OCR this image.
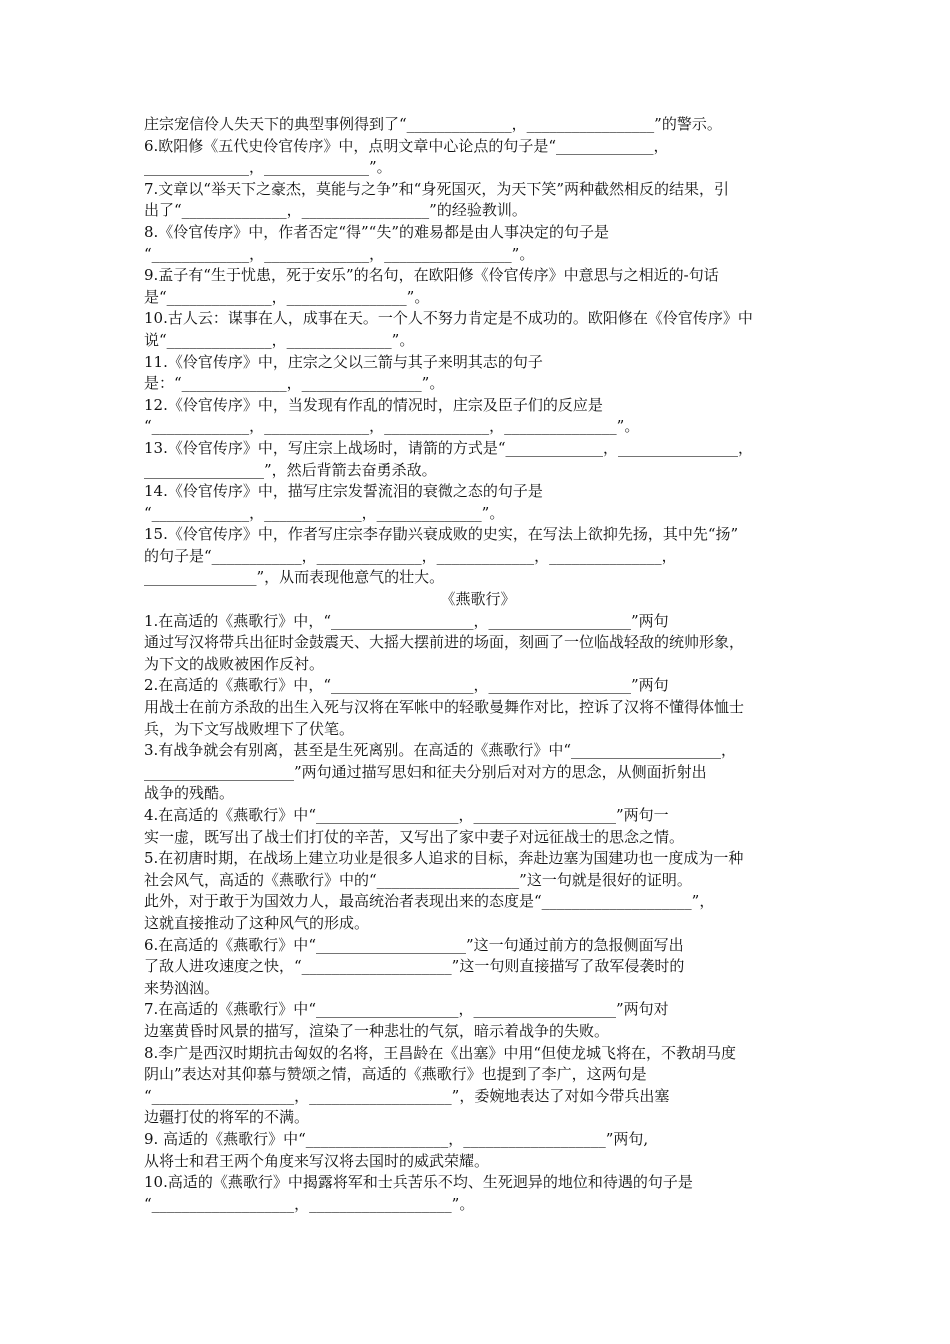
庄宗宠信伶人失天下的典型事例得到了“______________，_________________”的警示。
6.欧阳修《五代史伶官传序》中，点明文章中心论点的句子是“_____________，
______________，______________”。
7.文章以“举天下之豪杰，莫能与之争”和“身死国灭，为天下笑”两种截然相反的结果，引
出了“______________，_________________”的经验教训。
8.《伶官传序》中，作者否定“得”“失”的难易都是由人事决定的句子是
“_____________，______________，_________________”。
9.孟子有“生于忧患，死于安乐”的名句，在欧阳修《伶官传序》中意思与之相近的-句话
是“______________，________________”。
10.古人云：谋事在人，成事在天。一个人不努力肯定是不成功的。欧阳修在《伶官传序》中
说“______________，______________”。
11.《伶官传序》中，庄宗之父以三箭与其子来明其志的句子
是：“______________，________________”。
12.《伶官传序》中，当发现有作乱的情况时，庄宗及臣子们的反应是
“_____________，______________，______________，_______________”。
13.《伶官传序》中，写庄宗上战场时，请箭的方式是“_____________，________________，
________________”，然后背箭去奋勇杀敌。
14.《伶官传序》中，描写庄宗发誓流泪的衰微之态的句子是
“_____________，_____________，______________”。
15.《伶官传序》中，作者写庄宗李存勖兴衰成败的史实，在写法上欲抑先扬，其中先“扬”
的句子是“____________，______________，_____________，_______________，
_______________”，从而表现他意气的壮大。
《燕歌行》
1.在高适的《燕歌行》中，“___________________，___________________”两句
通过写汉将带兵出征时金鼓震天、大摇大摆前进的场面，刻画了一位临战轻敌的统帅形象，
为下文的战败被困作反衬。
2.在高适的《燕歌行》中，“___________________，___________________”两句
用战士在前方杀敌的出生入死与汉将在军帐中的轻歌曼舞作对比，控诉了汉将不懂得体恤士
兵，为下文写战败埋下了伏笔。
3.有战争就会有别离，甚至是生死离别。在高适的《燕歌行》中“____________________，
____________________”两句通过描写思妇和征夫分别后对对方的思念，从侧面折射出
战争的残酷。
4.在高适的《燕歌行》中“___________________，___________________”两句一
实一虚，既写出了战士们打仗的辛苦，又写出了家中妻子对远征战士的思念之情。
5.在初唐时期，在战场上建立功业是很多人追求的目标，奔赴边塞为国建功也一度成为一种
社会风气，高适的《燕歌行》中的“___________________”这一句就是很好的证明。
此外，对于敢于为国效力人，最高统治者表现出来的态度是“____________________”，
这就直接推动了这种风气的形成。
6.在高适的《燕歌行》中“____________________”这一句通过前方的急报侧面写出
了敌人进攻速度之快，“____________________”这一句则直接描写了敌军侵袭时的
来势汹汹。
7.在高适的《燕歌行》中“___________________，___________________”两句对
边塞黄昏时风景的描写，渲染了一种悲壮的气氛，暗示着战争的失败。
8.李广是西汉时期抗击匈奴的名将，王昌龄在《出塞》中用“但使龙城飞将在，不教胡马度
阴山”表达对其仰慕与赞颂之情，高适的《燕歌行》也提到了李广，这两句是
“___________________，___________________”，委婉地表达了对如今带兵出塞
边疆打仗的将军的不满。
9. 高适的《燕歌行》中“___________________，___________________”两句,
从将士和君王两个角度来写汉将去国时的威武荣耀。
10.高适的《燕歌行》中揭露将军和士兵苦乐不均、生死迥异的地位和待遇的句子是
“___________________，___________________”。
